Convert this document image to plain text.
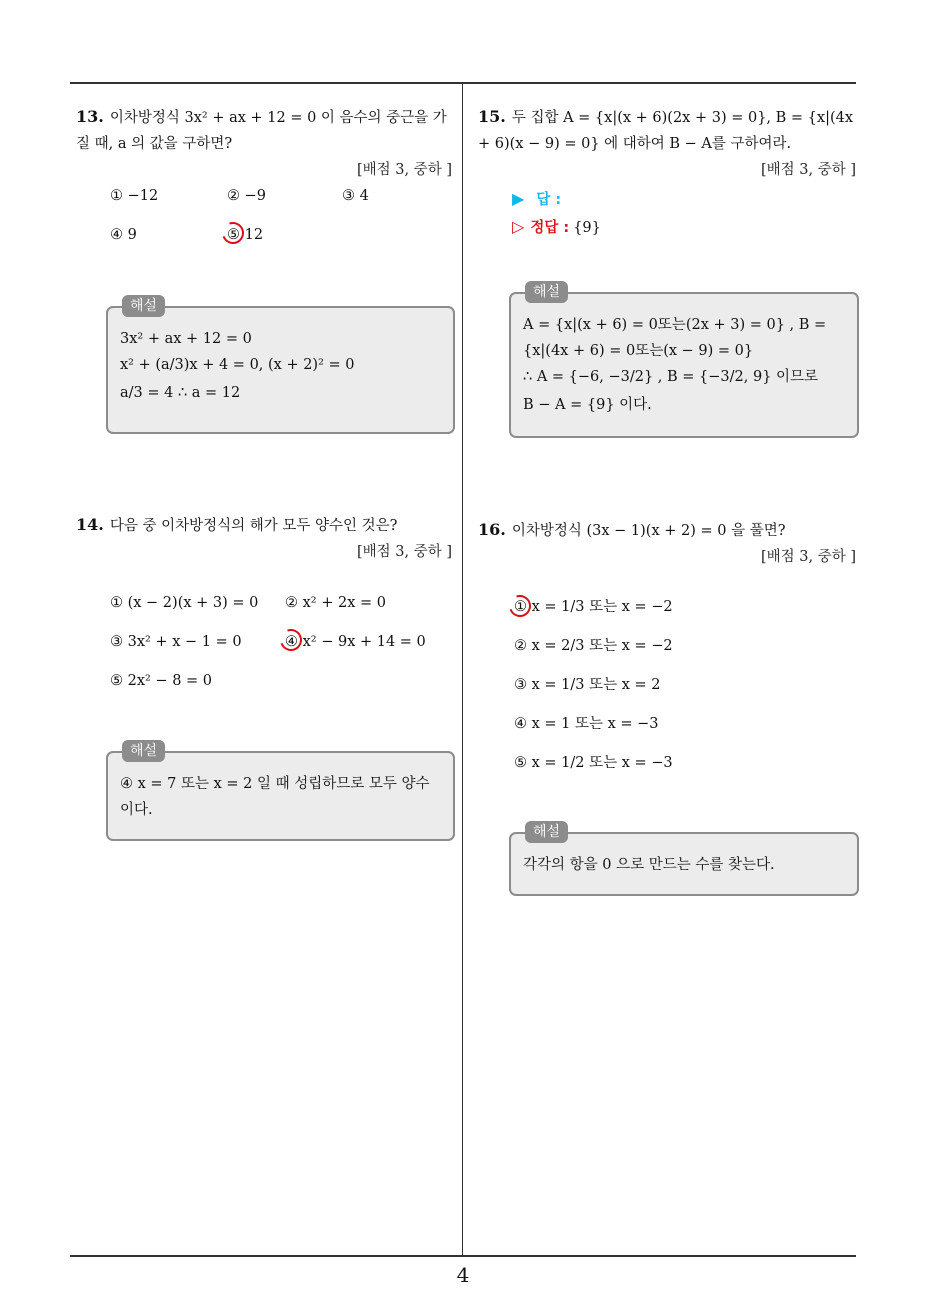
4
13. 이차방정식 3x² + ax + 12 = 0 이 음수의 중근을 가질 때, a 의 값을 구하면?
[배점 3, 중하 ]
① −12	② −9	③ 4
④ 9	⑤ 12
해설
3x² + ax + 12 = 0
x² + (a/3)x + 4 = 0, (x + 2)² = 0
a/3 = 4 ∴ a = 12
14. 다음 중 이차방정식의 해가 모두 양수인 것은?
[배점 3, 중하 ]
① (x − 2)(x + 3) = 0 ② x² + 2x = 0
③ 3x² + x − 1 = 0	④ x² − 9x + 14 = 0
⑤ 2x² − 8 = 0
해설
④ x = 7 또는 x = 2 일 때 성립하므로 모두 양수
이다.
15. 두 집합 A = {x|(x + 6)(2x + 3) = 0}, B = {x|(4x + 6)(x − 9) = 0} 에 대하여 B − A를 구하여라.
[배점 3, 중하 ]
▶ 답 :
▷ 정답 : {9}
해설
A = {x|(x + 6) = 0또는(2x + 3) = 0} , B =
{x|(4x + 6) = 0또는(x − 9) = 0}
∴ A = {−6, −3/2} , B = {−3/2, 9} 이므로
B − A = {9} 이다.
16. 이차방정식 (3x − 1)(x + 2) = 0 을 풀면?
[배점 3, 중하 ]
① x = 1/3 또는 x = −2
② x = 2/3 또는 x = −2
③ x = 1/3 또는 x = 2
④ x = 1 또는 x = −3
⑤ x = 1/2 또는 x = −3
해설
각각의 항을 0 으로 만드는 수를 찾는다.
